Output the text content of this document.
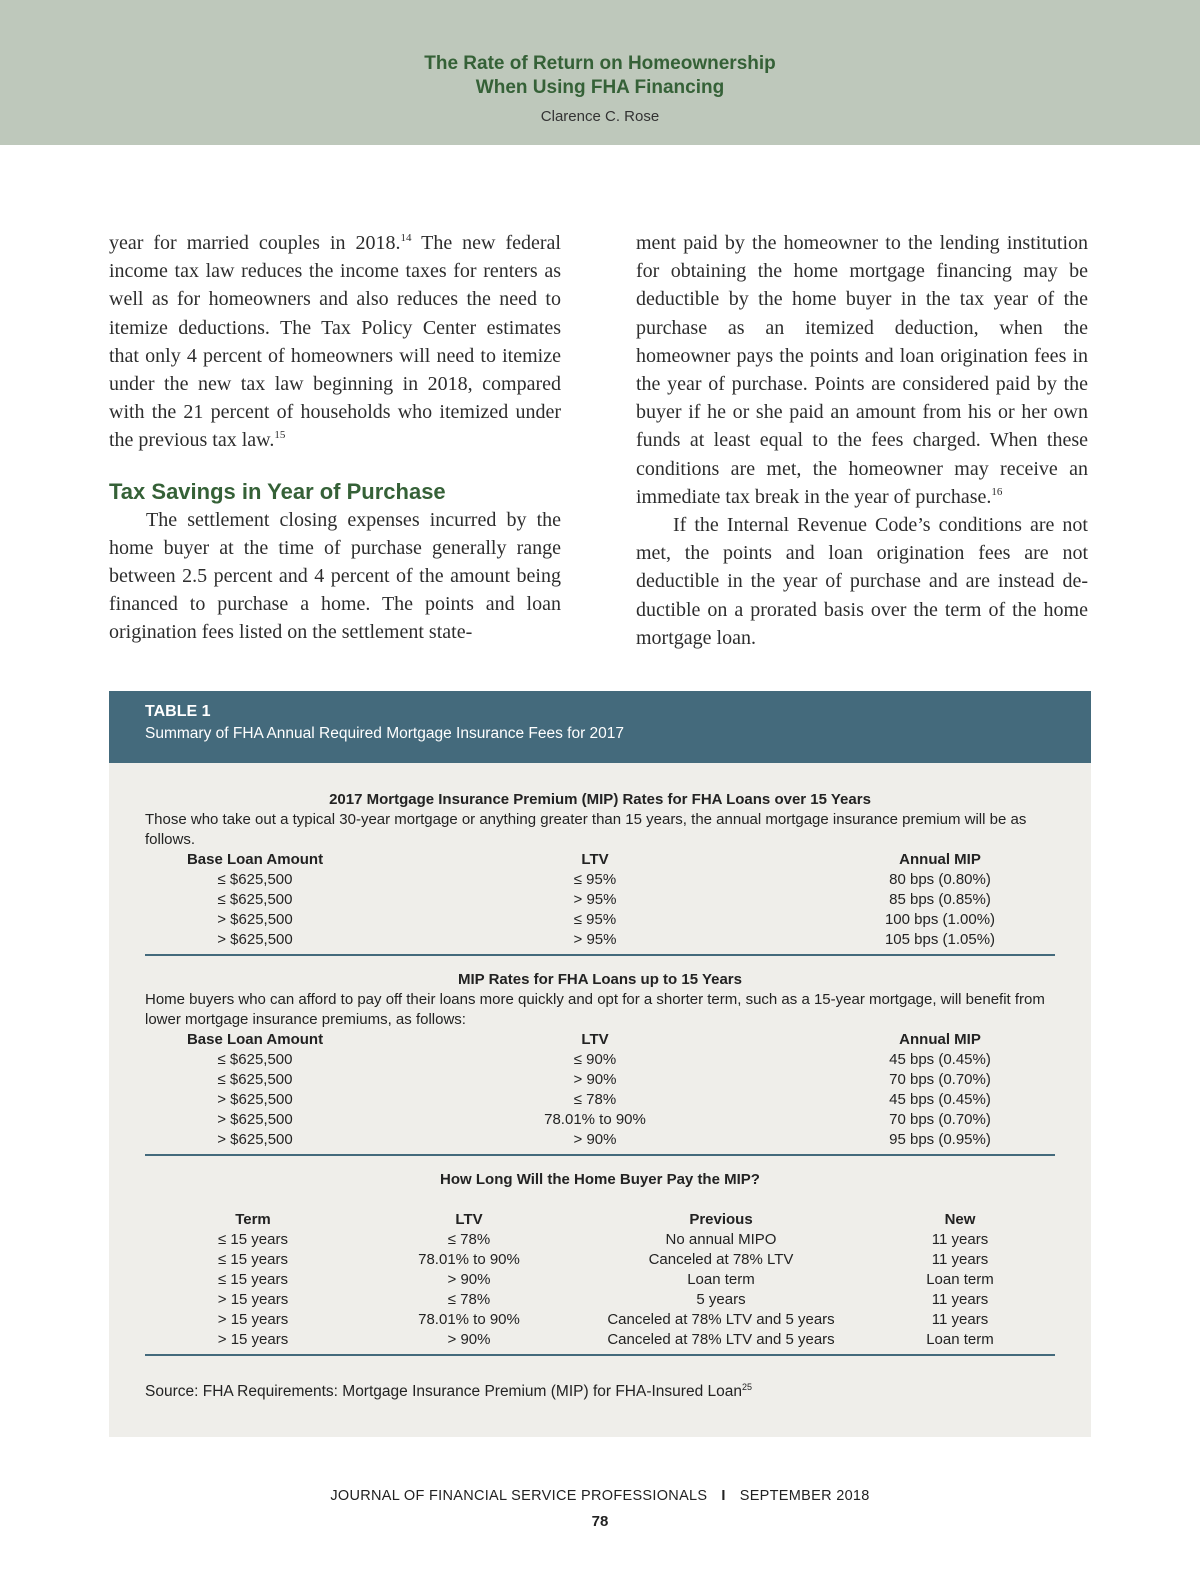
The Rate of Return on Homeownership
When Using FHA Financing
Clarence C. Rose

year for married couples in 2018.14 The new federal income tax law reduces the income taxes for renters as well as for homeowners and also reduces the need to itemize deductions. The Tax Policy Center estimates that only 4 percent of homeowners will need to itemize under the new tax law beginning in 2018, compared with the 21 percent of households who itemized under the previous tax law.$^{15}$

Tax Savings in Year of Purchase

The settlement closing expenses incurred by the home buyer at the time of purchase generally range between 2.5 percent and 4 percent of the amount being financed to purchase a home. The points and loan origination fees listed on the settlement state-

ment paid by the homeowner to the lending institution for obtaining the home mortgage financing may be deductible by the home buyer in the tax year of the purchase as an itemized deduction, when the homeowner pays the points and loan origination fees in the year of purchase. Points are considered paid by the buyer if he or she paid an amount from his or her own funds at least equal to the fees charged. When these conditions are met, the homeowner may receive an immediate tax break in the year of purchase.$^{16}$

If the Internal Revenue Code’s conditions are not met, the points and loan origination fees are not deductible in the year of purchase and are instead deductible on a prorated basis over the term of the home mortgage loan.

TABLE 1
Summary of FHA Annual Required Mortgage Insurance Fees for 2017
2017 Mortgage Insurance Premium (MIP) Rates for FHA Loans over 15 Years
Those who take out a typical 30-year mortgage or anything greater than 15 years, the annual mortgage insurance premium will be as follows.
Base Loan Amount	LTV	Annual MIP
≤ $625,500	≤ 95%	80 bps (0.80%)
≤ $625,500	> 95%	85 bps (0.85%)
> $625,500	≤ 95%	100 bps (1.00%)
> $625,500	> 95%	105 bps (1.05%)
MIP Rates for FHA Loans up to 15 Years
Home buyers who can afford to pay off their loans more quickly and opt for a shorter term, such as a 15-year mortgage, will benefit from lower mortgage insurance premiums, as follows:
Base Loan Amount	LTV	Annual MIP
≤ $625,500	≤ 90%	45 bps (0.45%)
≤ $625,500	> 90%	70 bps (0.70%)
> $625,500	≤ 78%	45 bps (0.45%)
> $625,500	78.01% to 90%	70 bps (0.70%)
> $625,500	> 90%	95 bps (0.95%)
How Long Will the Home Buyer Pay the MIP?
Term	LTV	Previous	New
≤ 15 years	≤ 78%	No annual MIPO	11 years
≤ 15 years	78.01% to 90%	Canceled at 78% LTV	11 years
≤ 15 years	> 90%	Loan term	Loan term
> 15 years	≤ 78%	5 years	11 years
> 15 years	78.01% to 90%	Canceled at 78% LTV and 5 years	11 years
> 15 years	> 90%	Canceled at 78% LTV and 5 years	Loan term
Source: FHA Requirements: Mortgage Insurance Premium (MIP) for FHA-Insured Loan$^{25}$
JOURNAL OF FINANCIAL SERVICE PROFESSIONALS I SEPTEMBER 2018
78
